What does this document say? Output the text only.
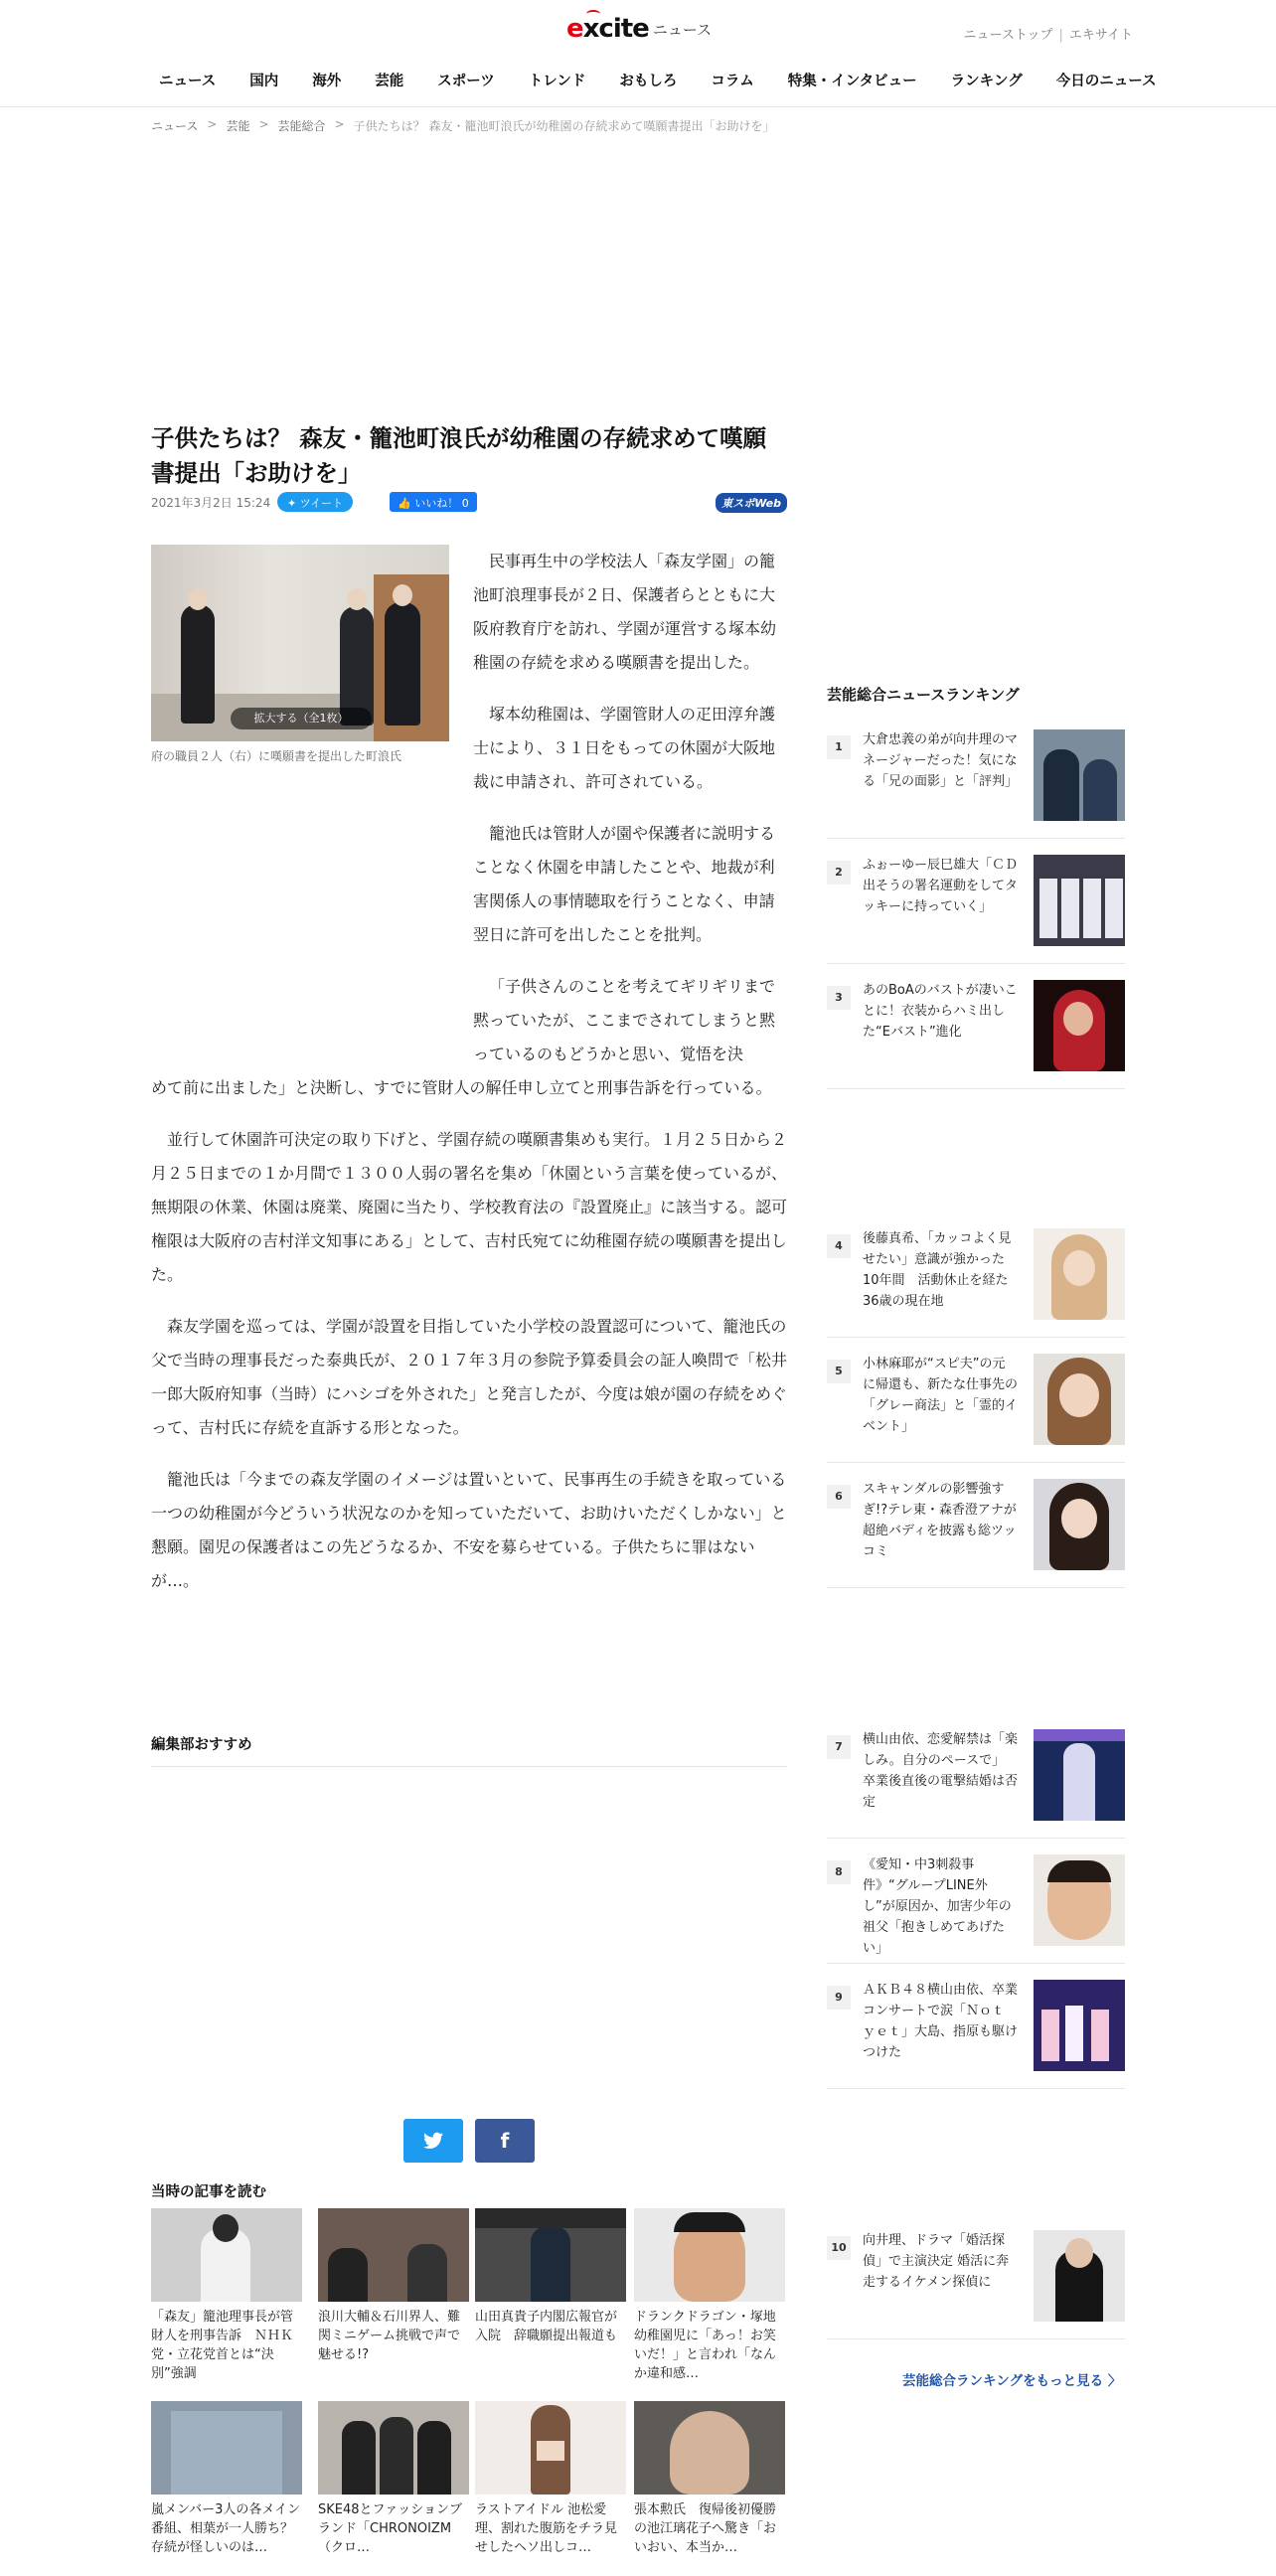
excite ニュース	ニューストップ | エキサイト
ニュース	国内	海外	芸能	スポーツ	トレンド	おもしろ	コラム	特集・インタビュー	ランキング	今日のニュース
ニュース > 芸能 > 芸能総合 > 子供たちは？ 森友・籠池町浪氏が幼稚園の存続求めて嘆願書提出「お助けを」
子供たちは？ 森友・籠池町浪氏が幼稚園の存続求めて嘆願書提出「お助けを」
2021年3月2日 15:24	✦ ツイート	👍 いいね！ 0	東スポWeb
拡大する（全1枚）
府の職員２人（右）に嘆願書を提出した町浪氏

民事再生中の学校法人「森友学園」の籠池町浪理事長が２日、保護者らとともに大阪府教育庁を訪れ、学園が運営する塚本幼稚園の存続を求める嘆願書を提出した。

塚本幼稚園は、学園管財人の疋田淳弁護士により、３１日をもっての休園が大阪地裁に申請され、許可されている。

籠池氏は管財人が園や保護者に説明することなく休園を申請したことや、地裁が利害関係人の事情聴取を行うことなく、申請翌日に許可を出したことを批判。

「子供さんのことを考えてギリギリまで黙っていたが、ここまでされてしまうと黙っているのもどうかと思い、覚悟を決
めて前に出ました」と決断し、すでに管財人の解任申し立てと刑事告訴を行っている。

並行して休園許可決定の取り下げと、学園存続の嘆願書集めも実行。１月２５日から２月２５日までの１か月間で１３００人弱の署名を集め「休園という言葉を使っているが、無期限の休業、休園は廃業、廃園に当たり、学校教育法の『設置廃止』に該当する。認可権限は大阪府の吉村洋文知事にある」として、吉村氏宛てに幼稚園存続の嘆願書を提出した。

森友学園を巡っては、学園が設置を目指していた小学校の設置認可について、籠池氏の父で当時の理事長だった泰典氏が、２０１７年３月の参院予算委員会の証人喚問で「松井一郎大阪府知事（当時）にハシゴを外された」と発言したが、今度は娘が園の存続をめぐって、吉村氏に存続を直訴する形となった。

籠池氏は「今までの森友学園のイメージは置いといて、民事再生の手続きを取っている一つの幼稚園が今どういう状況なのかを知っていただいて、お助けいただくしかない」と懇願。園児の保護者はこの先どうなるか、不安を募らせている。子供たちに罪はないが…。

編集部おすすめ
f
当時の記事を読む
「森友」籠池理事長が管財人を刑事告訴　ＮＨＫ党・立花党首とは“決別”強調
浪川大輔＆石川界人、難関ミニゲーム挑戦で声で魅せる!?
山田真貴子内閣広報官が入院　辞職願提出報道も
ドランクドラゴン・塚地　幼稚園児に「あっ！お笑いだ！」と言われ「なんか違和感…
嵐メンバー3人の各メイン番組、相葉が一人勝ち？ 存続が怪しいのは…
SKE48とファッションブランド「CHRONOIZM（クロ…
ラストアイドル 池松愛理、割れた腹筋をチラ見せしたヘソ出しコ…
張本勲氏　復帰後初優勝の池江璃花子へ驚き「おいおい、本当か…
芸能総合ニュースランキング
1	大倉忠義の弟が向井理のマネージャーだった！気になる「兄の面影」と「評判」
2	ふぉーゆー辰巳雄大「ＣＤ出そうの署名運動をしてタッキーに持っていく」
3	あのBoAのバストが凄いことに！衣装からハミ出した“Eバスト”進化
4	後藤真希、「カッコよく見せたい」意識が強かった10年間　活動休止を経た36歳の現在地
5	小林麻耶が“スピ夫”の元に帰還も、新たな仕事先の「グレー商法」と「霊的イベント」
6	スキャンダルの影響強すぎ!?テレ東・森香澄アナが超絶バディを披露も総ツッコミ
7	横山由依、恋愛解禁は「楽しみ。自分のペースで」卒業後直後の電撃結婚は否定
8	《愛知・中3刺殺事件》“グループLINE外し”が原因か、加害少年の祖父「抱きしめてあげたい」
9	ＡＫＢ４８横山由依、卒業コンサートで涙「Ｎｏｔ　ｙｅｔ」大島、指原も駆けつけた
10	向井理、ドラマ「婚活探偵」で主演決定 婚活に奔走するイケメン探偵に
芸能総合ランキングをもっと見る 〉
